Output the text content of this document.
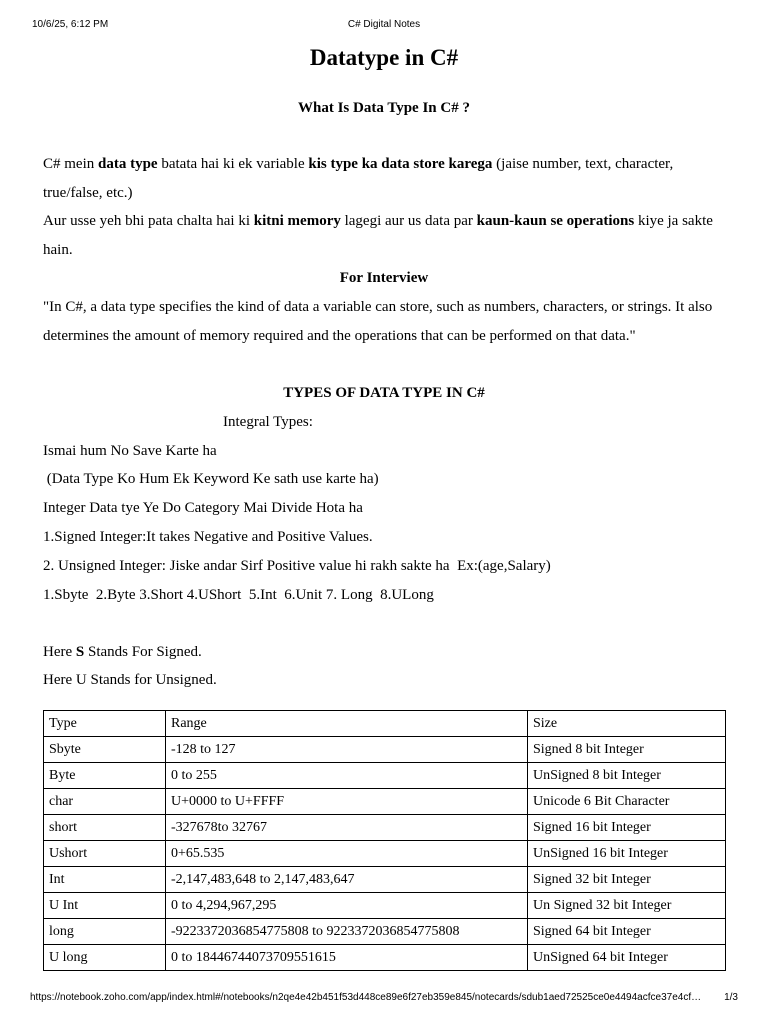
10/6/25, 6:12 PM	C# Digital Notes
Datatype in C#
What Is Data Type In C# ?

C# mein data type batata hai ki ek variable kis type ka data store karega (jaise number, text, character, true/false, etc.)

Aur usse yeh bhi pata chalta hai ki kitni memory lagegi aur us data par kaun-kaun se operations kiye ja sakte hain.

For Interview

"In C#, a data type specifies the kind of data a variable can store, such as numbers, characters, or strings. It also determines the amount of memory required and the operations that can be performed on that data."

TYPES OF DATA TYPE IN C#
Integral Types:
Ismai hum No Save Karte ha
(Data Type Ko Hum Ek Keyword Ke sath use karte ha)
Integer Data tye Ye Do Category Mai Divide Hota ha
1.Signed Integer:It takes Negative and Positive Values.
2. Unsigned Integer: Jiske andar Sirf Positive value hi rakh sakte ha  Ex:(age,Salary)
1.Sbyte  2.Byte 3.Short 4.UShort  5.Int  6.Unit 7. Long  8.ULong
Here S Stands For Signed.
Here U Stands for Unsigned.
Type	Range	Size
Sbyte	-128 to 127	Signed 8 bit Integer
Byte	0 to 255	UnSigned 8 bit Integer
char	U+0000 to U+FFFF	Unicode 6 Bit Character
short	-327678to 32767	Signed 16 bit Integer
Ushort	0+65.535	UnSigned 16 bit Integer
Int	-2,147,483,648 to 2,147,483,647	Signed 32 bit Integer
U Int	0 to 4,294,967,295	Un Signed 32 bit Integer
long	-9223372036854775808 to 9223372036854775808	Signed 64 bit Integer
U long	0 to 18446744073709551615	UnSigned 64 bit Integer
https://notebook.zoho.com/app/index.html#/notebooks/n2qe4e42b451f53d448ce89e6f27eb359e845/notecards/sdub1aed72525ce0e4494acfce37e4cf…	1/3
